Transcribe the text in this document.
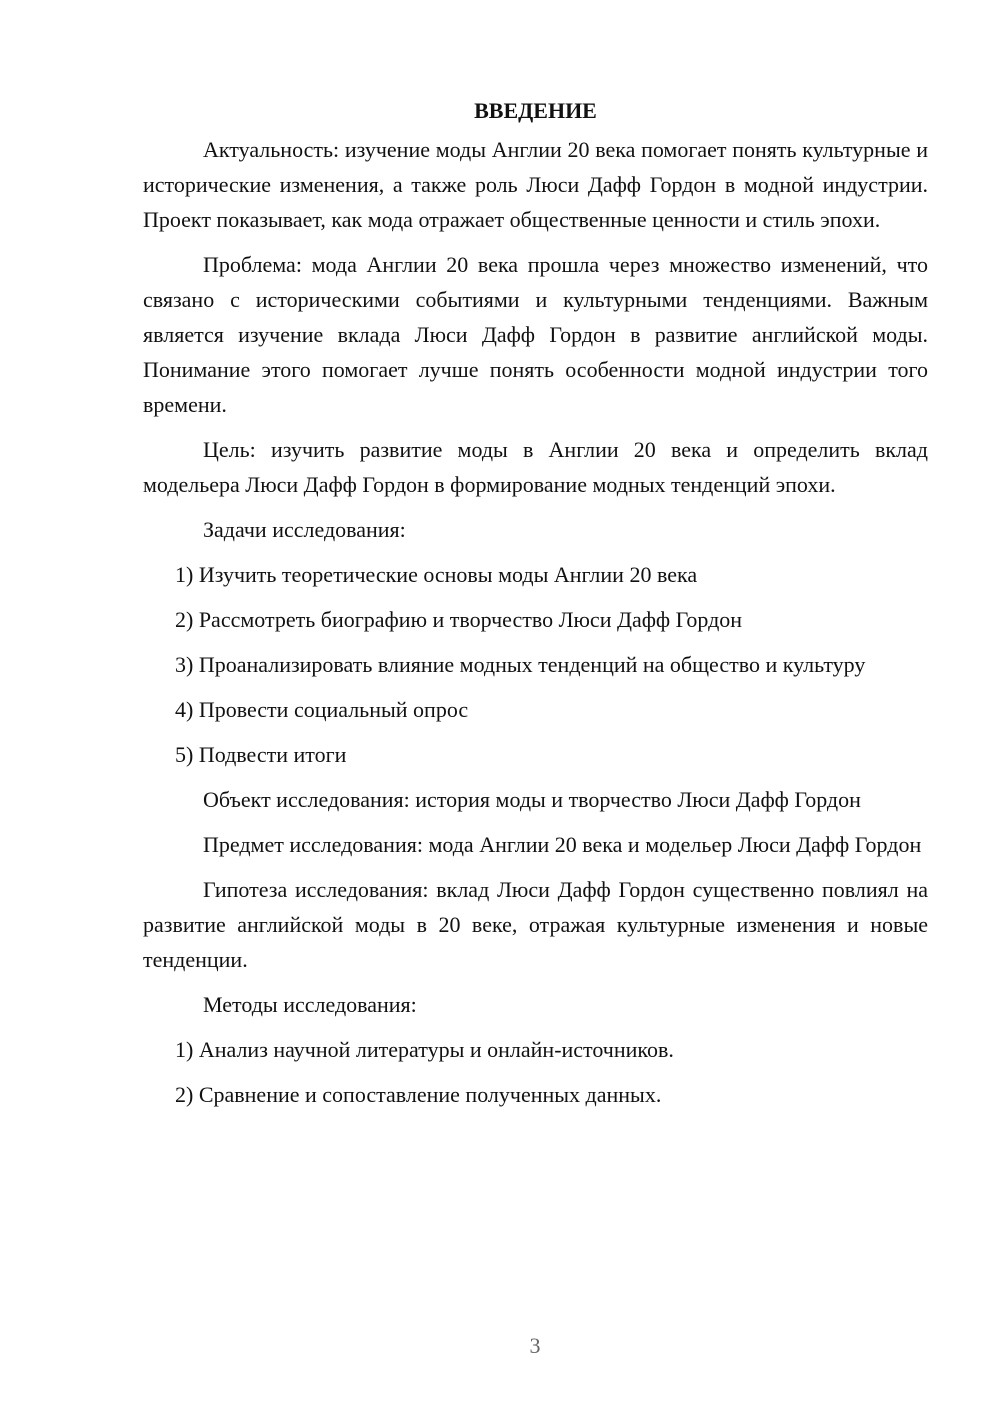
ВВЕДЕНИЕ

Актуальность: изучение моды Англии 20 века помогает понять культурные и исторические изменения, а также роль Люси Дафф Гордон в модной индустрии. Проект показывает, как мода отражает общественные ценности и стиль эпохи.

Проблема: мода Англии 20 века прошла через множество изменений, что связано с историческими событиями и культурными тенденциями. Важным является изучение вклада Люси Дафф Гордон в развитие английской моды. Понимание этого помогает лучше понять особенности модной индустрии того времени.

Цель: изучить развитие моды в Англии 20 века и определить вклад модельера Люси Дафф Гордон в формирование модных тенденций эпохи.

Задачи исследования:

1) Изучить теоретические основы моды Англии 20 века

2) Рассмотреть биографию и творчество Люси Дафф Гордон

3) Проанализировать влияние модных тенденций на общество и культуру

4) Провести социальный опрос

5) Подвести итоги

Объект исследования: история моды и творчество Люси Дафф Гордон

Предмет исследования: мода Англии 20 века и модельер Люси Дафф Гордон

Гипотеза исследования: вклад Люси Дафф Гордон существенно повлиял на развитие английской моды в 20 веке, отражая культурные изменения и новые тенденции.

Методы исследования:

1) Анализ научной литературы и онлайн-источников.

2) Сравнение и сопоставление полученных данных.

3
